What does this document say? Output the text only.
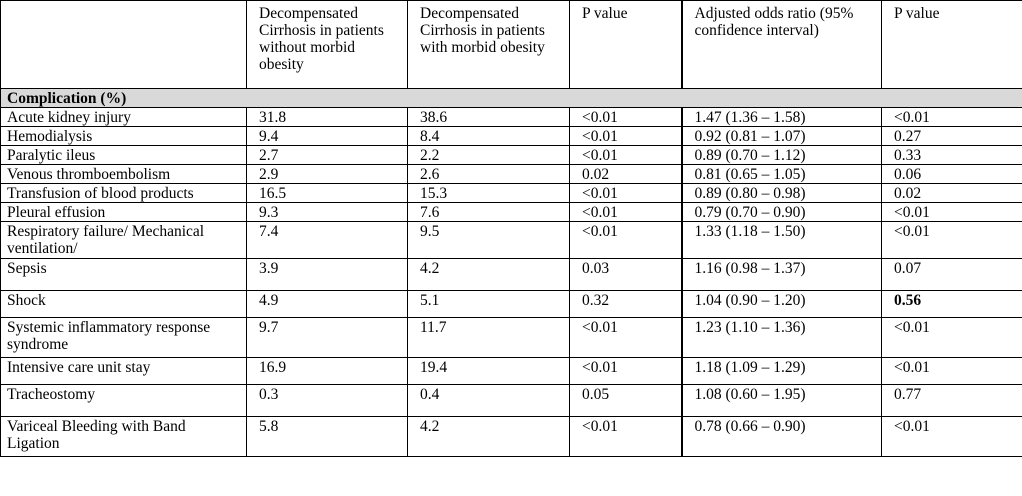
	Decompensated Cirrhosis in patients without morbid obesity	Decompensated Cirrhosis in patients with morbid obesity	P value	Adjusted odds ratio (95% confidence interval)	P value
Complication (%)					
Acute kidney injury	31.8	38.6	<0.01	1.47 (1.36 – 1.58)	<0.01
Hemodialysis	9.4	8.4	<0.01	0.92 (0.81 – 1.07)	0.27
Paralytic ileus	2.7	2.2	<0.01	0.89 (0.70 – 1.12)	0.33
Venous thromboembolism	2.9	2.6	0.02	0.81 (0.65 – 1.05)	0.06
Transfusion of blood products	16.5	15.3	<0.01	0.89 (0.80 – 0.98)	0.02
Pleural effusion	9.3	7.6	<0.01	0.79 (0.70 – 0.90)	<0.01
Respiratory failure/ Mechanical ventilation/	7.4	9.5	<0.01	1.33 (1.18 – 1.50)	<0.01
Sepsis	3.9	4.2	0.03	1.16 (0.98 – 1.37)	0.07
Shock	4.9	5.1	0.32	1.04 (0.90 – 1.20)	0.56
Systemic inflammatory response syndrome	9.7	11.7	<0.01	1.23 (1.10 – 1.36)	<0.01
Intensive care unit stay	16.9	19.4	<0.01	1.18 (1.09 – 1.29)	<0.01
Tracheostomy	0.3	0.4	0.05	1.08 (0.60 – 1.95)	0.77
Variceal Bleeding with Band Ligation	5.8	4.2	<0.01	0.78 (0.66 – 0.90)	<0.01
